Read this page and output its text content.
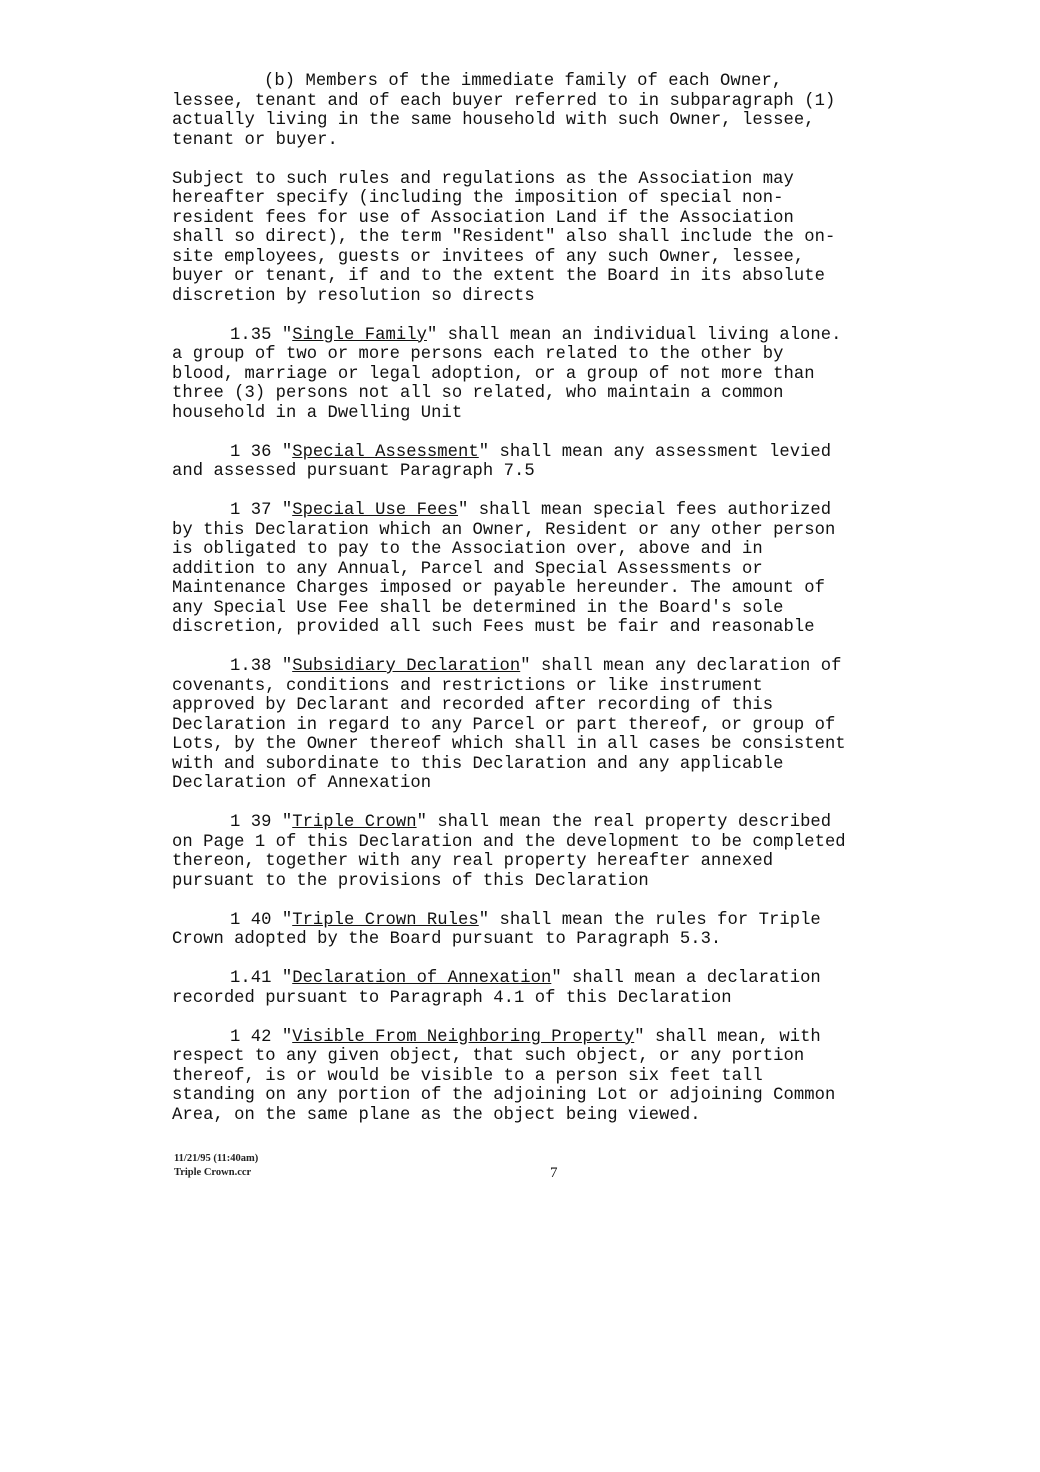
(b) Members of the immediate family of each Owner,
lessee, tenant and of each buyer referred to in subparagraph (1)
actually living in the same household with such Owner, lessee,
tenant or buyer.

Subject to such rules and regulations as the Association may
hereafter specify (including the imposition of special non-
resident fees for use of Association Land if the Association
shall so direct), the term "Resident" also shall include the on-
site employees, guests or invitees of any such Owner, lessee,
buyer or tenant, if and to the extent the Board in its absolute
discretion by resolution so directs

1.35 "Single Family" shall mean an individual living alone.
a group of two or more persons each related to the other by
blood, marriage or legal adoption, or a group of not more than
three (3) persons not all so related, who maintain a common
household in a Dwelling Unit

1 36 "Special Assessment" shall mean any assessment levied
and assessed pursuant Paragraph 7.5

1 37 "Special Use Fees" shall mean special fees authorized
by this Declaration which an Owner, Resident or any other person
is obligated to pay to the Association over, above and in
addition to any Annual, Parcel and Special Assessments or
Maintenance Charges imposed or payable hereunder. The amount of
any Special Use Fee shall be determined in the Board's sole
discretion, provided all such Fees must be fair and reasonable

1.38 "Subsidiary Declaration" shall mean any declaration of
covenants, conditions and restrictions or like instrument
approved by Declarant and recorded after recording of this
Declaration in regard to any Parcel or part thereof, or group of
Lots, by the Owner thereof which shall in all cases be consistent
with and subordinate to this Declaration and any applicable
Declaration of Annexation

1 39 "Triple Crown" shall mean the real property described
on Page 1 of this Declaration and the development to be completed
thereon, together with any real property hereafter annexed
pursuant to the provisions of this Declaration

1 40 "Triple Crown Rules" shall mean the rules for Triple
Crown adopted by the Board pursuant to Paragraph 5.3.

1.41 "Declaration of Annexation" shall mean a declaration
recorded pursuant to Paragraph 4.1 of this Declaration

1 42 "Visible From Neighboring Property" shall mean, with
respect to any given object, that such object, or any portion
thereof, is or would be visible to a person six feet tall
standing on any portion of the adjoining Lot or adjoining Common
Area, on the same plane as the object being viewed.

11/21/95 (11:40am)
Triple Crown.ccr	7
